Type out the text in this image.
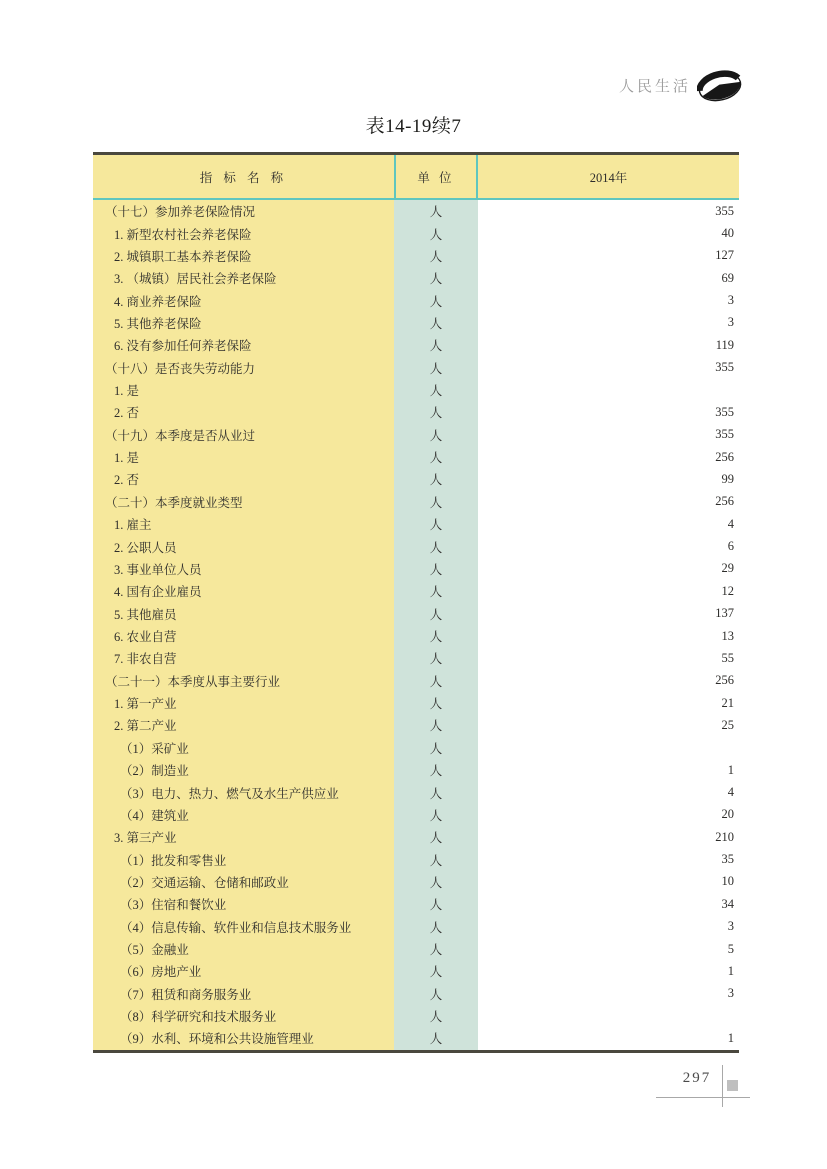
人民生活
表14-19续7
指 标 名 称	单 位	2014年
（十七）参加养老保险情况	人	355
1. 新型农村社会养老保险	人	40
2. 城镇职工基本养老保险	人	127
3. （城镇）居民社会养老保险	人	69
4. 商业养老保险	人	3
5. 其他养老保险	人	3
6. 没有参加任何养老保险	人	119
（十八）是否丧失劳动能力	人	355
1. 是	人
2. 否	人	355
（十九）本季度是否从业过	人	355
1. 是	人	256
2. 否	人	99
（二十）本季度就业类型	人	256
1. 雇主	人	4
2. 公职人员	人	6
3. 事业单位人员	人	29
4. 国有企业雇员	人	12
5. 其他雇员	人	137
6. 农业自营	人	13
7. 非农自营	人	55
（二十一）本季度从事主要行业	人	256
1. 第一产业	人	21
2. 第二产业	人	25
（1）采矿业	人
（2）制造业	人	1
（3）电力、热力、燃气及水生产供应业	人	4
（4）建筑业	人	20
3. 第三产业	人	210
（1）批发和零售业	人	35
（2）交通运输、仓储和邮政业	人	10
（3）住宿和餐饮业	人	34
（4）信息传输、软件业和信息技术服务业	人	3
（5）金融业	人	5
（6）房地产业	人	1
（7）租赁和商务服务业	人	3
（8）科学研究和技术服务业	人
（9）水利、环境和公共设施管理业	人	1
297
